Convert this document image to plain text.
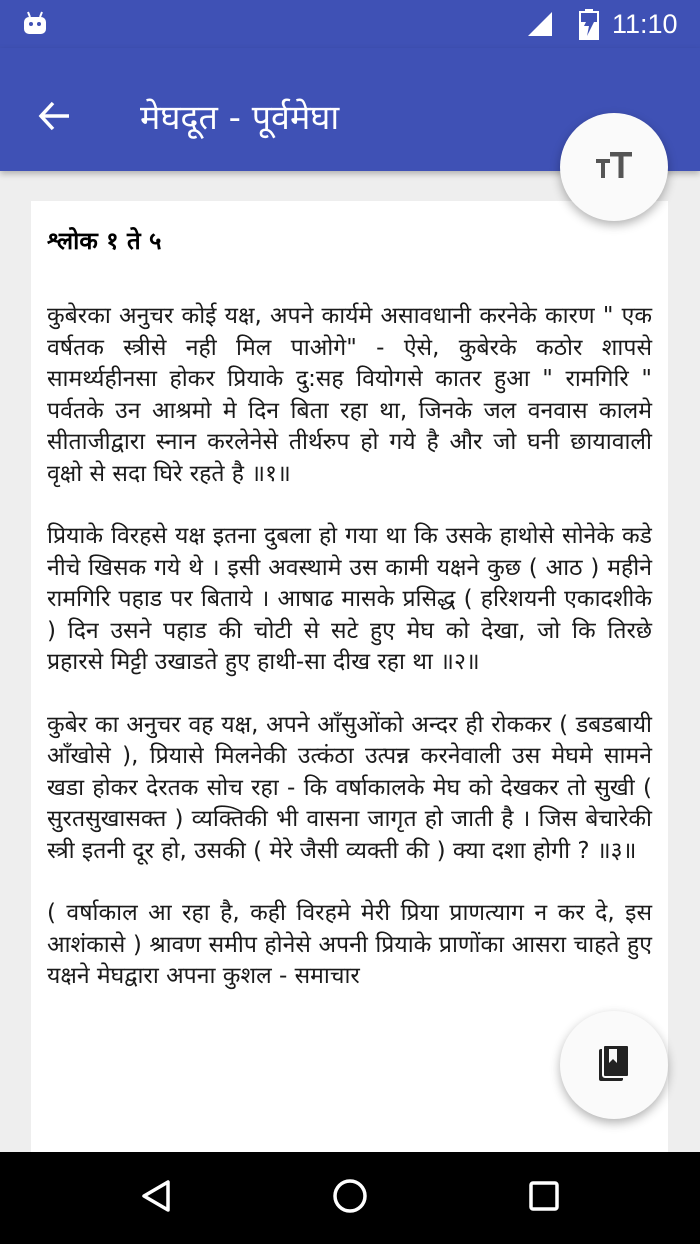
11:10
मेघदूत - पूर्वमेघा
श्लोक १ ते ५

कुबेरका अनुचर कोई यक्ष, अपने कार्यमे असावधानी करनेके कारण " एक वर्षतक स्त्रीसे नही मिल पाओगे" - ऐसे, कुबेरके कठोर शापसे सामर्थ्यहीनसा होकर प्रियाके दु:सह वियोगसे कातर हुआ " रामगिरि " पर्वतके उन आश्रमो मे दिन बिता रहा था, जिनके जल वनवास कालमे सीताजीद्वारा स्नान करलेनेसे तीर्थरुप हो गये है और जो घनी छायावाली वृक्षो से सदा घिरे रहते है ॥१॥

प्रियाके विरहसे यक्ष इतना दुबला हो गया था कि उसके हाथोसे सोनेके कडे नीचे खिसक गये थे । इसी अवस्थामे उस कामी यक्षने कुछ ( आठ ) महीने रामगिरि पहाड पर बिताये । आषाढ मासके प्रसिद्ध ( हरिशयनी एकादशीके ) दिन उसने पहाड की चोटी से सटे हुए मेघ को देखा, जो कि तिरछे प्रहारसे मिट्टी उखाडते हुए हाथी-सा दीख रहा था ॥२॥

कुबेर का अनुचर वह यक्ष, अपने आँसुओंको अन्दर ही रोककर ( डबडबायी आँखोसे ), प्रियासे मिलनेकी उत्कंठा उत्पन्न करनेवाली उस मेघमे सामने खडा होकर देरतक सोच रहा - कि वर्षाकालके मेघ को देखकर तो सुखी ( सुरतसुखासक्त ) व्यक्तिकी भी वासना जागृत हो जाती है । जिस बेचारेकी स्त्री इतनी दूर हो, उसकी ( मेरे जैसी व्यक्ती की ) क्या दशा होगी ? ॥३॥

( वर्षाकाल आ रहा है, कही विरहमे मेरी प्रिया प्राणत्याग न कर दे, इस आशंकासे ) श्रावण समीप होनेसे अपनी प्रियाके प्राणोंका आसरा चाहते हुए यक्षने मेघद्वारा अपना कुशल - समाचार
